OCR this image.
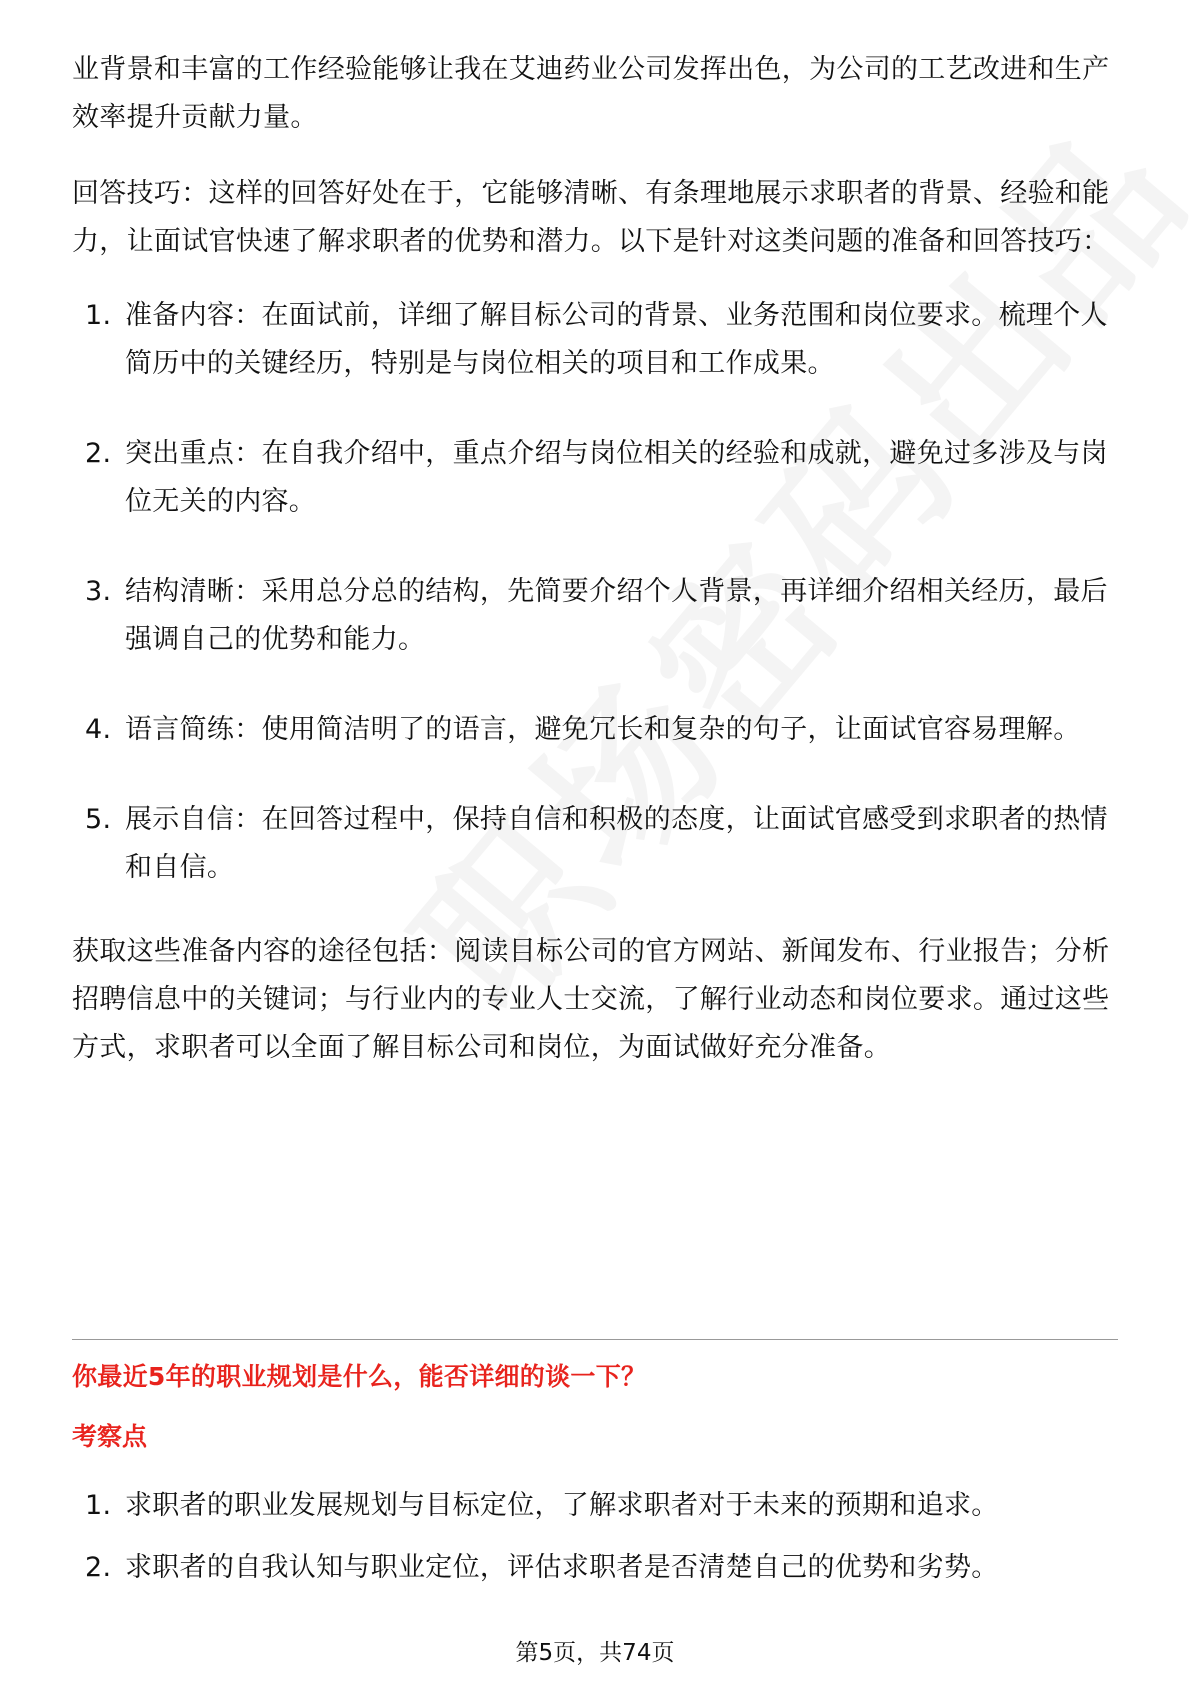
业背景和丰富的工作经验能够让我在艾迪药业公司发挥出色，为公司的工艺改进和生产效率提升贡献力量。

回答技巧：这样的回答好处在于，它能够清晰、有条理地展示求职者的背景、经验和能力，让面试官快速了解求职者的优势和潜力。以下是针对这类问题的准备和回答技巧：

1. 准备内容：在面试前，详细了解目标公司的背景、业务范围和岗位要求。梳理个人简历中的关键经历，特别是与岗位相关的项目和工作成果。
2. 突出重点：在自我介绍中，重点介绍与岗位相关的经验和成就，避免过多涉及与岗位无关的内容。
3. 结构清晰：采用总分总的结构，先简要介绍个人背景，再详细介绍相关经历，最后强调自己的优势和能力。
4. 语言简练：使用简洁明了的语言，避免冗长和复杂的句子，让面试官容易理解。
5. 展示自信：在回答过程中，保持自信和积极的态度，让面试官感受到求职者的热情和自信。

获取这些准备内容的途径包括：阅读目标公司的官方网站、新闻发布、行业报告；分析招聘信息中的关键词；与行业内的专业人士交流，了解行业动态和岗位要求。通过这些方式，求职者可以全面了解目标公司和岗位，为面试做好充分准备。

你最近5年的职业规划是什么，能否详细的谈一下？
考察点
1. 求职者的职业发展规划与目标定位，了解求职者对于未来的预期和追求。
2. 求职者的自我认知与职业定位，评估求职者是否清楚自己的优势和劣势。
第5页，共74页
